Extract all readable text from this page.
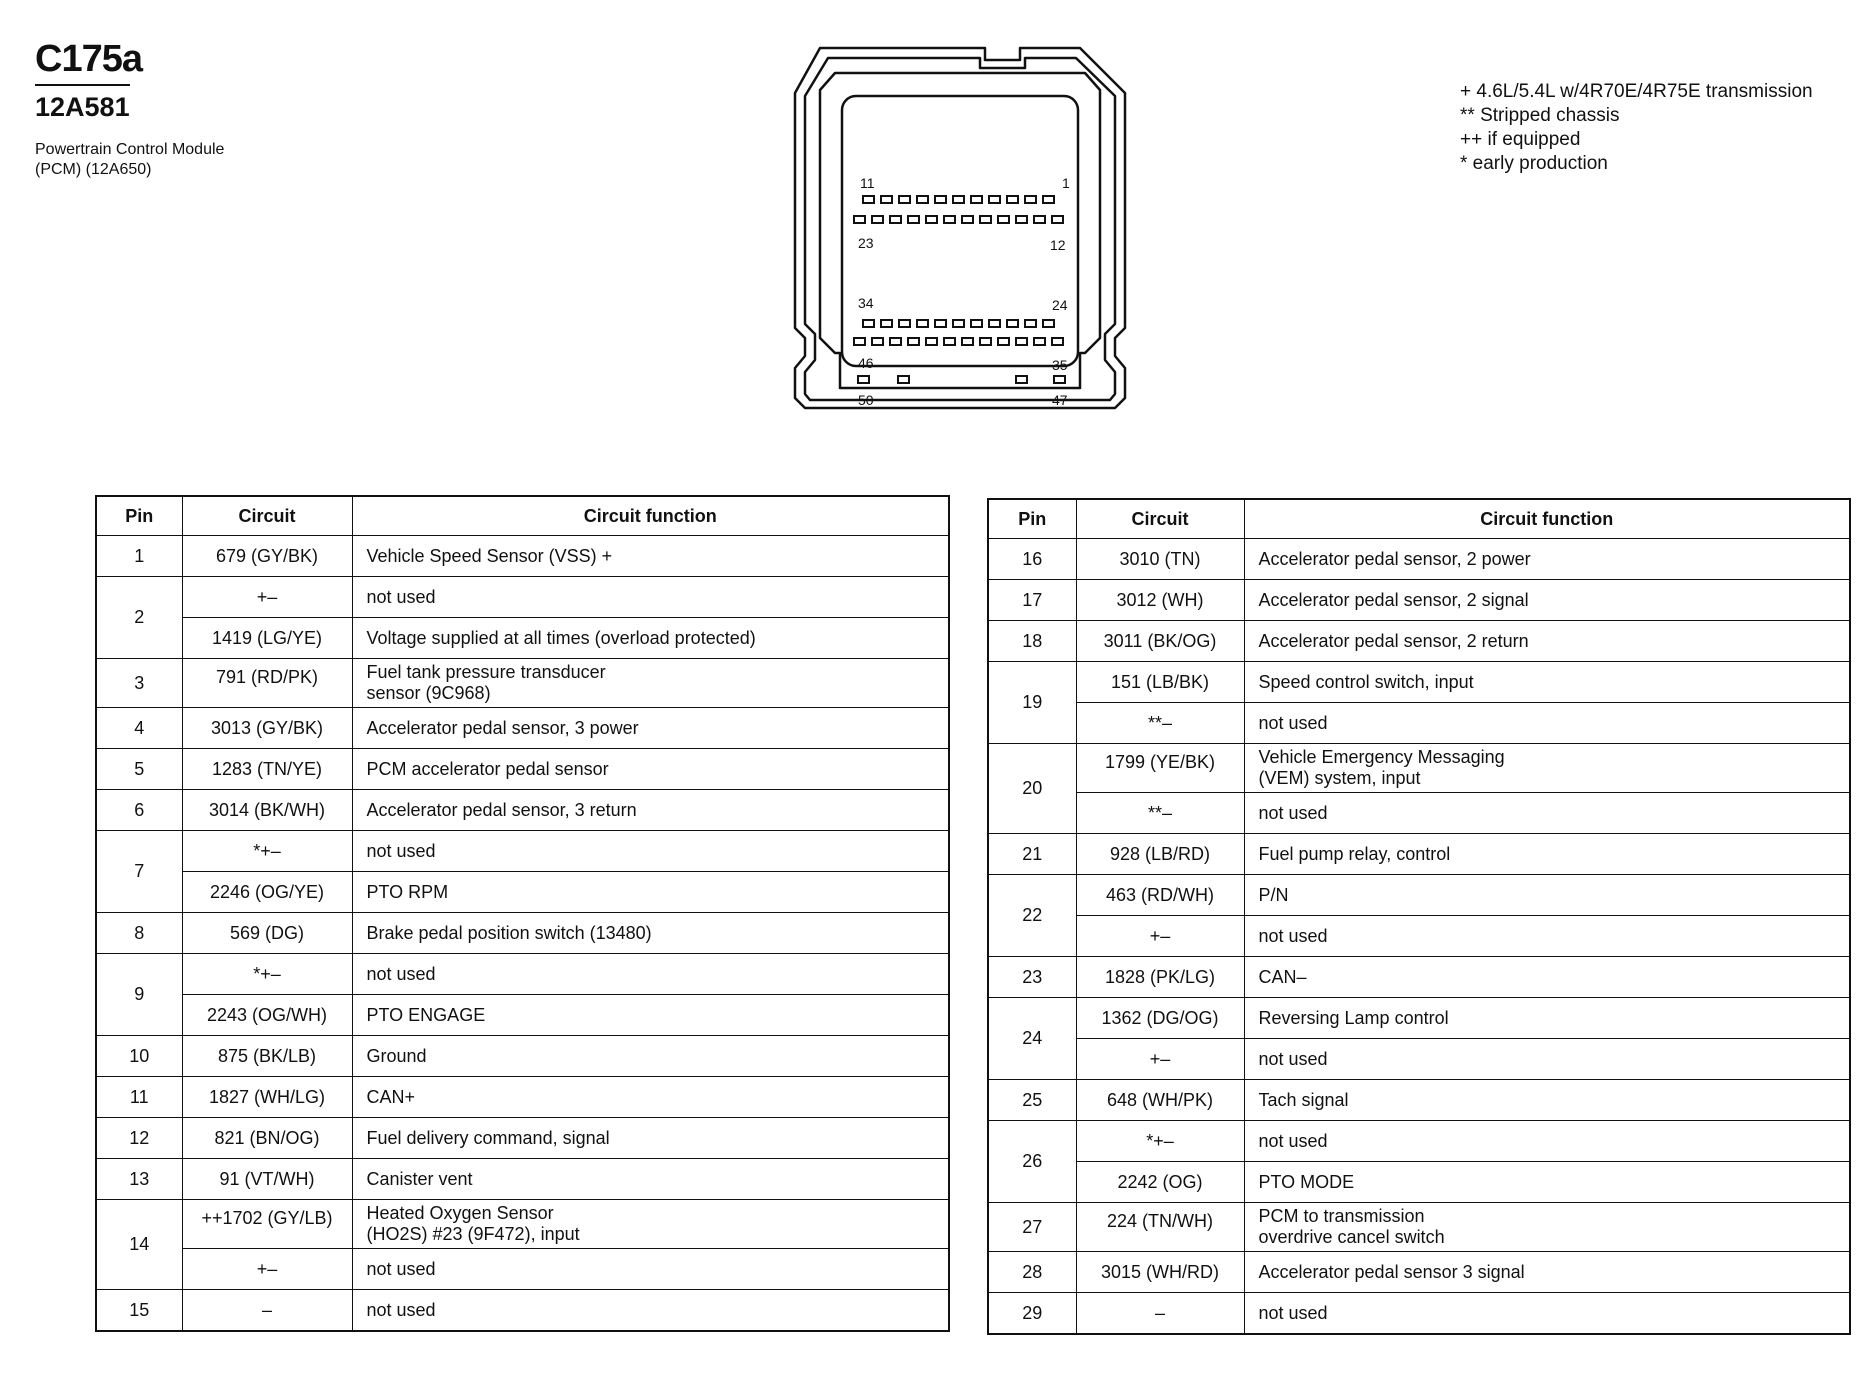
C175a
12A581
Powertrain Control Module
(PCM) (12A650)
+ 4.6L/5.4L w/4R70E/4R75E transmission
** Stripped chassis
++ if equipped
* early production
11	1
23	12
34	24
46	35
50	47
Pin	Circuit	Circuit function
1	679 (GY/BK)	Vehicle Speed Sensor (VSS) +
2	+–	not used
	1419 (LG/YE)	Voltage supplied at all times (overload protected)
3	791 (RD/PK)	Fuel tank pressure transducer
sensor (9C968)

4	3013 (GY/BK)	Accelerator pedal sensor, 3 power
5	1283 (TN/YE)	PCM accelerator pedal sensor
6	3014 (BK/WH)	Accelerator pedal sensor, 3 return
7	*+–	not used
	2246 (OG/YE)	PTO RPM
8	569 (DG)	Brake pedal position switch (13480)
9	*+–	not used
	2243 (OG/WH)	PTO ENGAGE
10	875 (BK/LB)	Ground
11	1827 (WH/LG)	CAN+
12	821 (BN/OG)	Fuel delivery command, signal
13	91 (VT/WH)	Canister vent
14	++1702 (GY/LB)	Heated Oxygen Sensor
(HO2S) #23 (9F472), input

	+–	not used
15	–	not used
Pin	Circuit	Circuit function
16	3010 (TN)	Accelerator pedal sensor, 2 power
17	3012 (WH)	Accelerator pedal sensor, 2 signal
18	3011 (BK/OG)	Accelerator pedal sensor, 2 return
19	151 (LB/BK)	Speed control switch, input
	**–	not used
20	1799 (YE/BK)	Vehicle Emergency Messaging
(VEM) system, input

	**–	not used
21	928 (LB/RD)	Fuel pump relay, control
22	463 (RD/WH)	P/N
	+–	not used
23	1828 (PK/LG)	CAN–
24	1362 (DG/OG)	Reversing Lamp control
	+–	not used
25	648 (WH/PK)	Tach signal
26	*+–	not used
	2242 (OG)	PTO MODE
27	224 (TN/WH)	PCM to transmission
overdrive cancel switch

28	3015 (WH/RD)	Accelerator pedal sensor 3 signal
29	–	not used
